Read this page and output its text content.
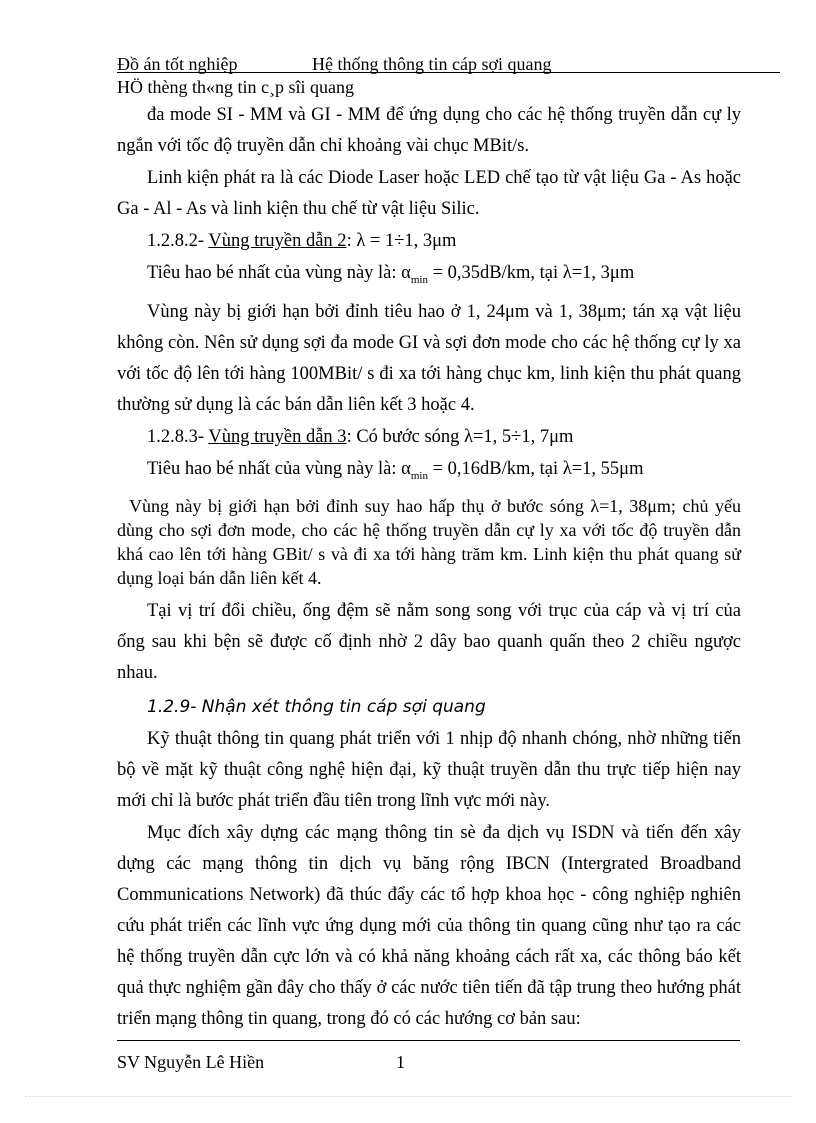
Đồ án tốt nghiệp	Hệ thống thông tin cáp sợi quang
HÖ thèng th«ng tin c¸p sîi quang

đa mode SI - MM và GI - MM để ứng dụng cho các hệ thống truyền dẫn cự ly ngắn với tốc độ truyền dẫn chỉ khoảng vài chục MBit/s.

Linh kiện phát ra là các Diode Laser hoặc LED chế tạo từ vật liệu Ga - As hoặc Ga - Al - As và linh kiện thu chế từ vật liệu Silic.

1.2.8.2- Vùng truyền dẫn 2: λ = 1÷1, 3μm

Tiêu hao bé nhất của vùng này là: $\alpha_{min} = 0,35dB/km$, tại λ=1, 3μm

Vùng này bị giới hạn bởi đỉnh tiêu hao ở 1, 24μm và 1, 38μm; tán xạ vật liệu không còn. Nên sử dụng sợi đa mode GI và sợi đơn mode cho các hệ thống cự ly xa với tốc độ lên tới hàng 100MBit/ s đi xa tới hàng chục km, linh kiện thu phát quang thường sử dụng là các bán dẫn liên kết 3 hoặc 4.

1.2.8.3- Vùng truyền dẫn 3: Có bước sóng λ=1, 5÷1, 7μm

Tiêu hao bé nhất của vùng này là: $\alpha_{min} = 0,16dB/km$, tại λ=1, 55μm

Vùng này bị giới hạn bởi đỉnh suy hao hấp thụ ở bước sóng λ=1, 38μm; chủ yếu dùng cho sợi đơn mode, cho các hệ thống truyền dẫn cự ly xa với tốc độ truyền dẫn khá cao lên tới hàng GBit/ s và đi xa tới hàng trăm km. Linh kiện thu phát quang sử dụng loại bán dẫn liên kết 4.

Tại vị trí đổi chiều, ống đệm sẽ nằm song song với trục của cáp và vị trí của ống sau khi bện sẽ được cố định nhờ 2 dây bao quanh quấn theo 2 chiều ngược nhau.

1.2.9- Nhận xét thông tin cáp sợi quang

Kỹ thuật thông tin quang phát triển với 1 nhịp độ nhanh chóng, nhờ những tiến bộ về mặt kỹ thuật công nghệ hiện đại, kỹ thuật truyền dẫn thu trực tiếp hiện nay mới chỉ là bước phát triển đầu tiên trong lĩnh vực mới này.

Mục đích xây dựng các mạng thông tin sè đa dịch vụ ISDN và tiến đến xây dựng các mạng thông tin dịch vụ băng rộng IBCN (Intergrated Broadband Communications Network) đã thúc đẩy các tổ hợp khoa học - công nghiệp nghiên cứu phát triển các lĩnh vực ứng dụng mới của thông tin quang cũng như tạo ra các hệ thống truyền dẫn cực lớn và có khả năng khoảng cách rất xa, các thông báo kết quả thực nghiệm gần đây cho thấy ở các nước tiên tiến đã tập trung theo hướng phát triển mạng thông tin quang, trong đó có các hướng cơ bản sau:

SV Nguyễn Lê Hiền	1
